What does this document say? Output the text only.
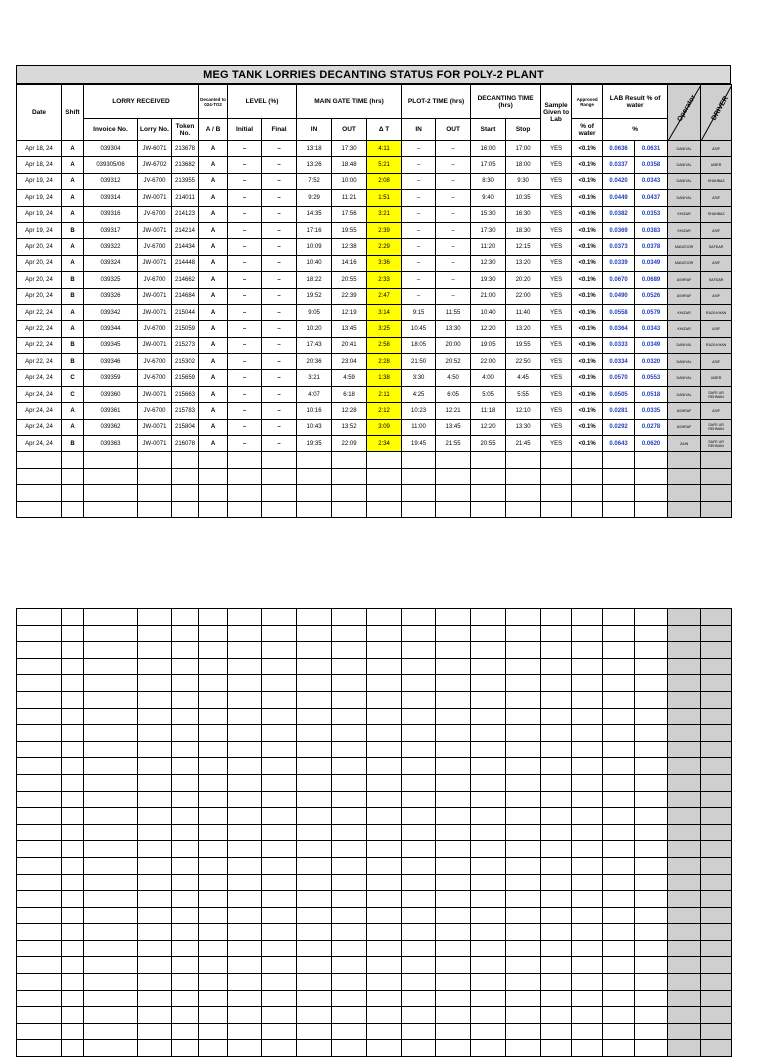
MEG TANK LORRIES DECANTING STATUS FOR POLY-2 PLANT
Date	Shift	LORRY RECEIVED			Decanted to 024-TO2	LEVEL (%)		MAIN GATE TIME (hrs)			PLOT-2 TIME (hrs)		DECANTING TIME (hrs)		Sample Given to Lab	Approved Range	LAB Result % of water		Operator	DRIVER

		Invoice No.	Lorry No.	Token No.	A / B	Initial	Final	IN	OUT	Δ T	IN	OUT	Start	Stop		% of water	%			
Apr 18, 24	A	039304	JW-6071	213678	A	–	–	13:18	17:30	4:11	–	–	16:00	17:00	YES	<0.1%	0.0636	0.0631	DANIYAL	ASIF
Apr 18, 24	A	039305/06	JW-6702	213682	A	–	–	13:26	18:48	5:21	–	–	17:05	18:00	YES	<0.1%	0.0337	0.0358	DANIYAL	UMER
Apr 19, 24	A	039312	JV-6700	213955	A	–	–	7:52	10:00	2:08	–	–	8:30	9:30	YES	<0.1%	0.0420	0.0343	DANIYAL	SHAHBAZ
Apr 19, 24	A	039314	JW-0071	214011	A	–	–	9:29	11:21	1:51	–	–	9:40	10:35	YES	<0.1%	0.0449	0.0437	DANIYAL	ASIF
Apr 19, 24	A	039316	JV-6700	214123	A	–	–	14:35	17:56	3:21	–	–	15:30	16:30	YES	<0.1%	0.0382	0.0353	KHIZAR	SHAHBAZ
Apr 19, 24	B	039317	JW-0071	214214	A	–	–	17:16	19:55	2:39	–	–	17:30	18:30	YES	<0.1%	0.0369	0.0383	KHIZAR	ASIF
Apr 20, 24	A	039322	JV-6700	214434	A	–	–	10:09	12:38	2:29	–	–	11:20	12:15	YES	<0.1%	0.0373	0.0378	MANZOOR	SAFDAR
Apr 20, 24	A	039324	JW-0071	214448	A	–	–	10:40	14:16	3:36	–	–	12:30	13:20	YES	<0.1%	0.0339	0.0349	MANZOOR	ASIF
Apr 20, 24	B	039325	JV-6700	214662	A	–	–	18:22	20:55	2:33	–	–	19:30	20:20	YES	<0.1%	0.0670	0.0689	ASHRAF	SAFDAR
Apr 20, 24	B	039326	JW-0071	214684	A	–	–	19:52	22:39	2:47	–	–	21:00	22:00	YES	<0.1%	0.0490	0.0526	ASHRAF	ASIF
Apr 22, 24	A	039342	JW-0071	215044	A	–	–	9:05	12:19	3:14	9:15	11:55	10:40	11:40	YES	<0.1%	0.0558	0.0579	KHIZAR	RAZA KHAN
Apr 22, 24	A	039344	JV-6700	215059	A	–	–	10:20	13:45	3:25	10:45	13:30	12:20	13:20	YES	<0.1%	0.0364	0.0343	KHIZAR	ASIF
Apr 22, 24	B	039345	JW-0071	215273	A	–	–	17:43	20:41	2:58	18:05	20:00	19:05	19:55	YES	<0.1%	0.0333	0.0349	DANIYAL	RAZA KHAN
Apr 22, 24	B	039346	JV-6700	215302	A	–	–	20:36	23:04	2:28	21:50	20:52	22:00	22:50	YES	<0.1%	0.0334	0.0320	DANIYAL	ASIF
Apr 24, 24	C	039359	JV-6700	215659	A	–	–	3:21	4:59	1:38	3:30	4:50	4:00	4:45	YES	<0.1%	0.0570	0.0553	DANIYAL	UMER
Apr 24, 24	C	039360	JW-0071	215663	A	–	–	4:07	6:18	2:11	4:25	6:05	5:05	5:55	YES	<0.1%	0.0505	0.0518	DANIYAL	SAFE UR REHMAN
Apr 24, 24	A	039361	JV-6700	215783	A	–	–	10:16	12:28	2:12	10:23	12:21	11:18	12:10	YES	<0.1%	0.0281	0.0335	ASHRAF	ASIF
Apr 24, 24	A	039362	JW-0071	215804	A	–	–	10:43	13:52	3:09	11:00	13:45	12:20	13:30	YES	<0.1%	0.0292	0.0278	ASHRAF	SAFE UR REHMAN
Apr 24, 24	B	039363	JW-0071	216078	A	–	–	19:35	22:09	2:34	19:45	21:55	20:55	21:45	YES	<0.1%	0.0643	0.0620	ZAIN	SAFE UR REHMAN
